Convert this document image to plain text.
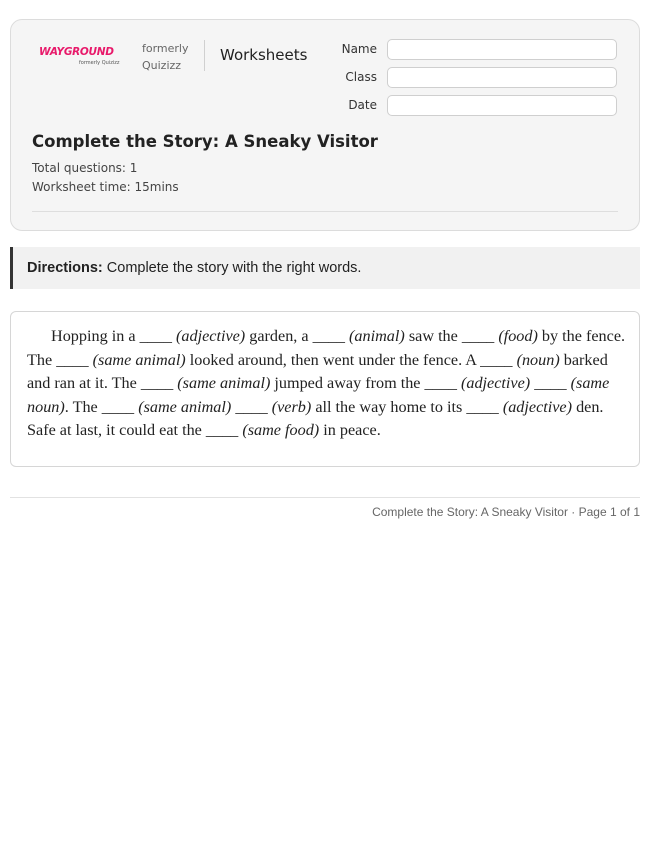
WAYGROUND
formerly Quizizz
formerly
Quizizz
Worksheets	Name
Class
Date
Complete the Story: A Sneaky Visitor
Total questions: 1
Worksheet time: 15mins
Directions: Complete the story with the right words.

Hopping in a ____ (adjective) garden, a ____ (animal) saw the ____ (food) by the fence. The ____ (same animal) looked around, then went under the fence. A ____ (noun) barked and ran at it. The ____ (same animal) jumped away from the ____ (adjective) ____ (same noun). The ____ (same animal) ____ (verb) all the way home to its ____ (adjective) den. Safe at last, it could eat the ____ (same food) in peace.

Complete the Story: A Sneaky Visitor · Page 1 of 1
